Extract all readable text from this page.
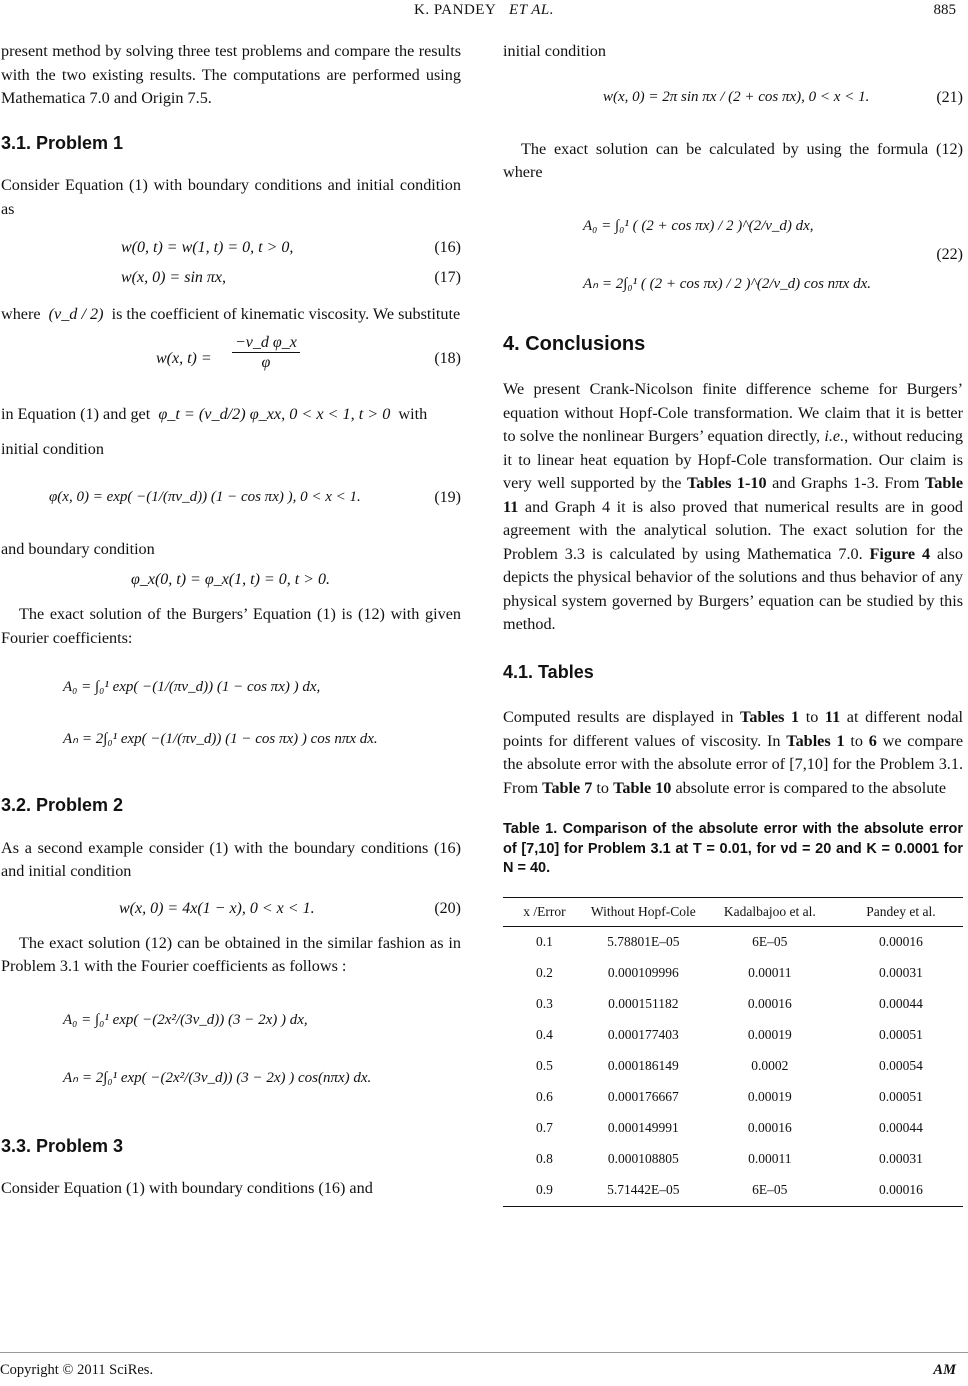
K. PANDEY ET AL.	885

present method by solving three test problems and compare the results with the two existing results. The computations are performed using Mathematica 7.0 and Origin 7.5.

3.1. Problem 1

Consider Equation (1) with boundary conditions and initial condition as

w(0, t) = w(1, t) = 0, t > 0,	(16)
w(x, 0) = sin πx,	(17)

where (ν_d / 2) is the coefficient of kinematic viscosity. We substitute

w(x, $t) = \frac{\text{−ν\_d φ\_x}}{\varphi}$	(18)

in Equation (1) and get φ_t = (ν_d/2) φ_xx, 0 < x < 1, t > 0 with

initial condition

φ(x, 0) = exp( −(1/(πν_d)) (1 − cos πx) ), 0 < x < 1.	(19)

and boundary condition

φ_x(0, t) = φ_x(1, t) = 0, t > 0.

The exact solution of the Burgers’ Equation (1) is (12) with given Fourier coefficients:

A₀ = ∫₀¹ exp( −(1/(πν_d)) (1 − cos πx) ) dx,
Aₙ = 2∫₀¹ exp( −(1/(πν_d)) (1 − cos πx) ) cos nπx dx.
3.2. Problem 2

As a second example consider (1) with the boundary conditions (16) and initial condition

w(x, 0) = 4x(1 − x), 0 < x < 1.	(20)

The exact solution (12) can be obtained in the similar fashion as in Problem 3.1 with the Fourier coefficients as follows :

A₀ = ∫₀¹ exp( −(2x²/(3ν_d)) (3 − 2x) ) dx,
Aₙ = 2∫₀¹ exp( −(2x²/(3ν_d)) (3 − 2x) ) cos(nπx) dx.
3.3. Problem 3

Consider Equation (1) with boundary conditions (16) and

initial condition

w(x, 0) = 2π sin πx / (2 + cos πx), 0 < x < 1.	(21)

The exact solution can be calculated by using the formula (12) where

A₀ = ∫₀¹ ( (2 + cos πx) / 2 )^(2/ν_d) dx,
Aₙ = 2∫₀¹ ( (2 + cos πx) / 2 )^(2/ν_d) cos nπx dx.
(22)
4. Conclusions

We present Crank-Nicolson finite difference scheme for Burgers’ equation without Hopf-Cole transformation. We claim that it is better to solve the nonlinear Burgers’ equation directly, i.e., without reducing it to linear heat equation by Hopf-Cole transformation. Our claim is very well supported by the Tables 1-10 and Graphs 1-3. From Table 11 and Graph 4 it is also proved that numerical results are in good agreement with the analytical solution. The exact solution for the Problem 3.3 is calculated by using Mathematica 7.0. Figure 4 also depicts the physical behavior of the solutions and thus behavior of any physical system governed by Burgers’ equation can be studied by this method.

4.1. Tables

Computed results are displayed in Tables 1 to 11 at different nodal points for different values of viscosity. In Tables 1 to 6 we compare the absolute error with the absolute error of [7,10] for the Problem 3.1. From Table 7 to Table 10 absolute error is compared to the absolute

Table 1. Comparison of the absolute error with the absolute error of [7,10] for Problem 3.1 at T = 0.01, for νd = 20 and K = 0.0001 for N = 40.

x /Error	Without Hopf-Cole	Kadalbajoo et al.	Pandey et al.
0.1	5.78801E–05	6E–05	0.00016
0.2	0.000109996	0.00011	0.00031
0.3	0.000151182	0.00016	0.00044
0.4	0.000177403	0.00019	0.00051
0.5	0.000186149	0.0002	0.00054
0.6	0.000176667	0.00019	0.00051
0.7	0.000149991	0.00016	0.00044
0.8	0.000108805	0.00011	0.00031
0.9	5.71442E–05	6E–05	0.00016
Copyright © 2011 SciRes.	AM
